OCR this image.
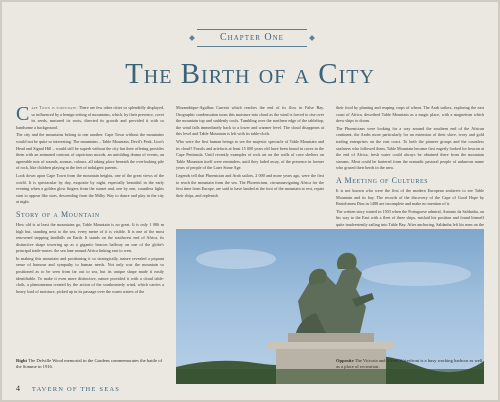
Chapter One
The Birth of a City

Cape Town is fortunate. There are few other cities so splendidly displayed, so influenced by a benign setting of mountains, which, by their presence, covet its seeds, nurtured its roots, directed its growth and provided it with so handsome a background.

The city and the mountains belong to one another. Cape Town without the mountains would not be quite so interesting. The mountains – Table Mountain, Devil's Peak, Lion's Head and Signal Hill – would still be superb without the city but their offering provides them with an animated contrast of capricious moods, an unfolding drama of events, an agreeable mix of sounds, aromas, colours, all taking place beneath the overlooking pile of rock, like children playing at the feet of indulgent parents.

Look down upon Cape Town from the mountain heights, one of the great views of the world. It is spectacular by day, exquisite by night, especially beautiful in the early evening when a golden glow fingers from the sunset and, one by one, countless lights start to appear like stars, descending from the Milky Way to dance and play in the city at night.

Story of a Mountain

How old is at least the mountains go, Table Mountain is no great. It is only 1 086 m high but, standing next to the sea, every metre of it is visible. It is one of the most renowned stepping landfalls on Earth. It stands on the southwest end of Africa, its distinctive shape towering up as a gigantic beacon halfway on one of the globe's principal trade-routes: the sea lane around Africa linking east to west.

In making this mountain and positioning it so strategically, nature revealed a piquant sense of humour and sympathy to human needs. Not only was the mountain so positioned as to be seen from far out to sea, but its unique shape made it easily identifiable. To make it even more distinctive, nature provided it with a cloud table-cloth, a phenomenon created by the action of the southeasterly wind, which carries a heavy load of moisture, picked up in its passage over the warm waters of the

Mozambique-Agulhas Current which reaches the end of its flow in False Bay. Orographic condensation turns this moisture into cloud as the wind is forced to rise over the mountain top and suddenly cools. Tumbling over the northern edge of the tableltop, the wind falls immediately back to a lower and warmer level. The cloud disappears at this level and Table Mountain is left with its table-cloth.

Who were the first human beings to see the majestic spectacle of Table Mountain and its cloud? Fossils and artefacts at least 15 000 years old have been found in caves in the Cape Peninsula. Until recently examples of rock art on the walls of cave shelters on Table Mountain itself were reminders, until they faded away, of the presence in former years of people of the Later Stone Age.

Legends tell that Phoenician and Arab sailors, 2 000 and more years ago, were the first to reach the mountain from the sea. The Phoenicians, circumnavigating Africa for the first time from Europe, are said to have landed at the foot of the mountain to rest, repair their ships, and replenish

their food by planting and reaping crops of wheat. The Arab sailors, exploring the east coast of Africa, described Table Mountain as a magic place, with a magnetism which drew ships to doom.

The Phoenicians were looking for a way around the southern end of the African continent, the Arabs more particularly for an extension of their slave, ivory and gold trading enterprises on the east coast. To both the pioneer groups and the countless seafarers who followed them, Table Mountain became first eagerly looked for beacon at the end of Africa, fresh water could always be obtained there from the mountain streams. Meat could be bartered from the nomadic pastoral people of unknown name who grazed their herds in the area.

A Meeting of Cultures

It is not known who were the first of the modern European seafarers to see Table Mountain and its bay. The records of the discovery of the Cape of Good Hope by Bartolomeu Dias in 1488 are incomplete and make no mention of it.

The written story started in 1503 when the Portuguese admiral, Antonio da Saldanha, on his way to the East with a fleet of three ships, mislaid his position and found himself quite inadvertently sailing into Table Bay. After anchoring, Saldanha left his men on the

Right The Delville Wood memorial in the Gardens commemorates the battle of the Somme in 1916.
Opposite The Victoria and Alfred Waterfront is a busy working harbour as well as a place of recreation.
4 TAVERN OF THE SEAS
